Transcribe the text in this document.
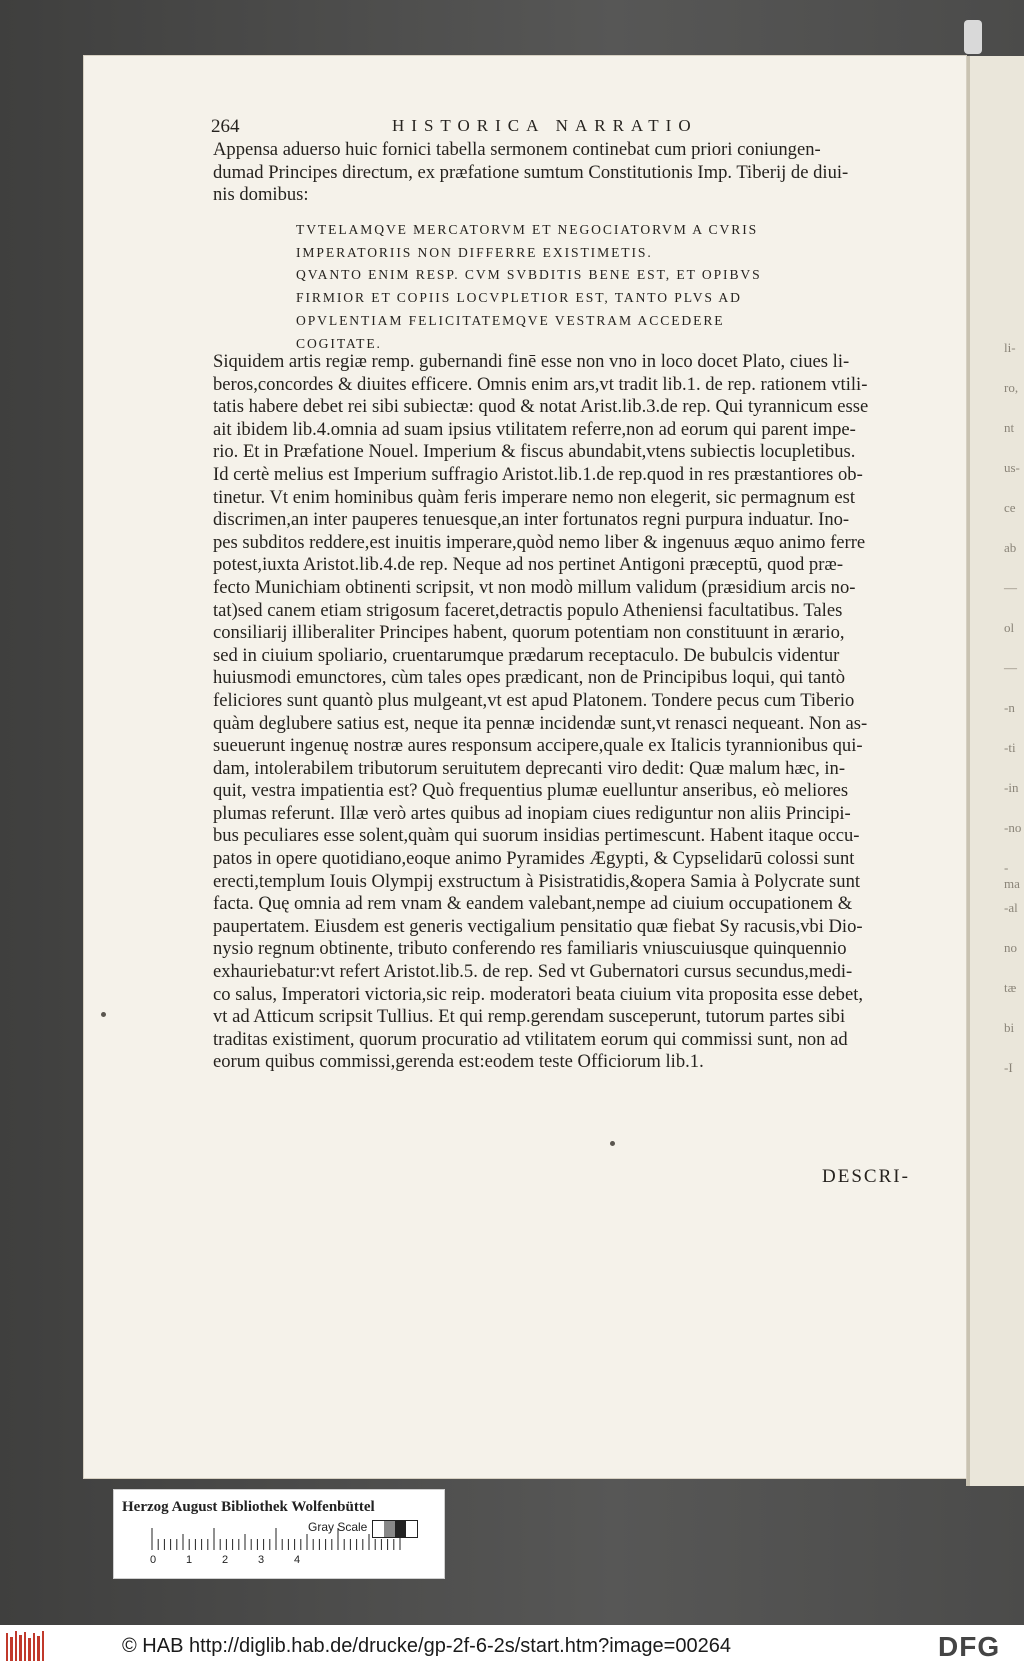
li-
ro,
nt
us-
ce
ab
—
ol
—
-n
-ti
-in
-no
-ma
-al
no
tæ
bi
-I
264	HISTORICA NARRATIO
Appensa aduerso huic fornici tabella sermonem continebat cum priori coniungen-
dumad Principes directum, ex præfatione sumtum Constitutionis Imp. Tiberij de diui-
nis domibus:
TVTELAMQVE MERCATORVM ET NEGOCIATORVM A CVRIS
IMPERATORIIS NON DIFFERRE EXISTIMETIS.
QVANTO ENIM RESP. CVM SVBDITIS BENE EST, ET OPIBVS
FIRMIOR ET COPIIS LOCVPLETIOR EST, TANTO PLVS AD
OPVLENTIAM FELICITATEMQVE VESTRAM ACCEDERE
COGITATE.
Siquidem artis regiæ remp. gubernandi finē esse non vno in loco docet Plato, ciues li-
beros,concordes & diuites efficere. Omnis enim ars,vt tradit lib.1. de rep. rationem vtili-
tatis habere debet rei sibi subiectæ: quod & notat Arist.lib.3.de rep. Qui tyrannicum esse
ait ibidem lib.4.omnia ad suam ipsius vtilitatem referre,non ad eorum qui parent impe-
rio. Et in Præfatione Nouel. Imperium & fiscus abundabit,vtens subiectis locupletibus.
Id certè melius est Imperium suffragio Aristot.lib.1.de rep.quod in res præstantiores ob-
tinetur. Vt enim hominibus quàm feris imperare nemo non elegerit, sic permagnum est
discrimen,an inter pauperes tenuesque,an inter fortunatos regni purpura induatur. Ino-
pes subditos reddere,est inuitis imperare,quòd nemo liber & ingenuus æquo animo ferre
potest,iuxta Aristot.lib.4.de rep. Neque ad nos pertinet Antigoni præceptū, quod præ-
fecto Munichiam obtinenti scripsit, vt non modò millum validum (præsidium arcis no-
tat)sed canem etiam strigosum faceret,detractis populo Atheniensi facultatibus. Tales
consiliarij illiberaliter Principes habent, quorum potentiam non constituunt in ærario,
sed in ciuium spoliario, cruentarumque prædarum receptaculo. De bubulcis videntur
huiusmodi emunctores, cùm tales opes prædicant, non de Principibus loqui, qui tantò
feliciores sunt quantò plus mulgeant,vt est apud Platonem. Tondere pecus cum Tiberio
quàm deglubere satius est, neque ita pennæ incidendæ sunt,vt renasci nequeant. Non as-
sueuerunt ingenuę nostræ aures responsum accipere,quale ex Italicis tyrannionibus qui-
dam, intolerabilem tributorum seruitutem deprecanti viro dedit: Quæ malum hæc, in-
quit, vestra impatientia est? Quò frequentius plumæ euelluntur anseribus, eò meliores
plumas referunt. Illæ verò artes quibus ad inopiam ciues rediguntur non aliis Principi-
bus peculiares esse solent,quàm qui suorum insidias pertimescunt. Habent itaque occu-
patos in opere quotidiano,eoque animo Pyramides Ægypti, & Cypselidarū colossi sunt
erecti,templum Iouis Olympij exstructum à Pisistratidis,&opera Samia à Polycrate sunt
facta. Quę omnia ad rem vnam & eandem valebant,nempe ad ciuium occupationem &
paupertatem. Eiusdem est generis vectigalium pensitatio quæ fiebat Sy racusis,vbi Dio-
nysio regnum obtinente, tributo conferendo res familiaris vniuscuiusque quinquennio
exhauriebatur:vt refert Aristot.lib.5. de rep. Sed vt Gubernatori cursus secundus,medi-
co salus, Imperatori victoria,sic reip. moderatori beata ciuium vita proposita esse debet,
vt ad Atticum scripsit Tullius. Et qui remp.gerendam susceperunt, tutorum partes sibi
traditas existiment, quorum procuratio ad vtilitatem eorum qui commissi sunt, non ad
eorum quibus commissi,gerenda est:eodem teste Officiorum lib.1.
DESCRI-
Herzog August Bibliothek Wolfenbüttel
0	1	2	3	4
Gray Scale
© HAB http://diglib.hab.de/drucke/gp-2f-6-2s/start.htm?image=00264	DFG
